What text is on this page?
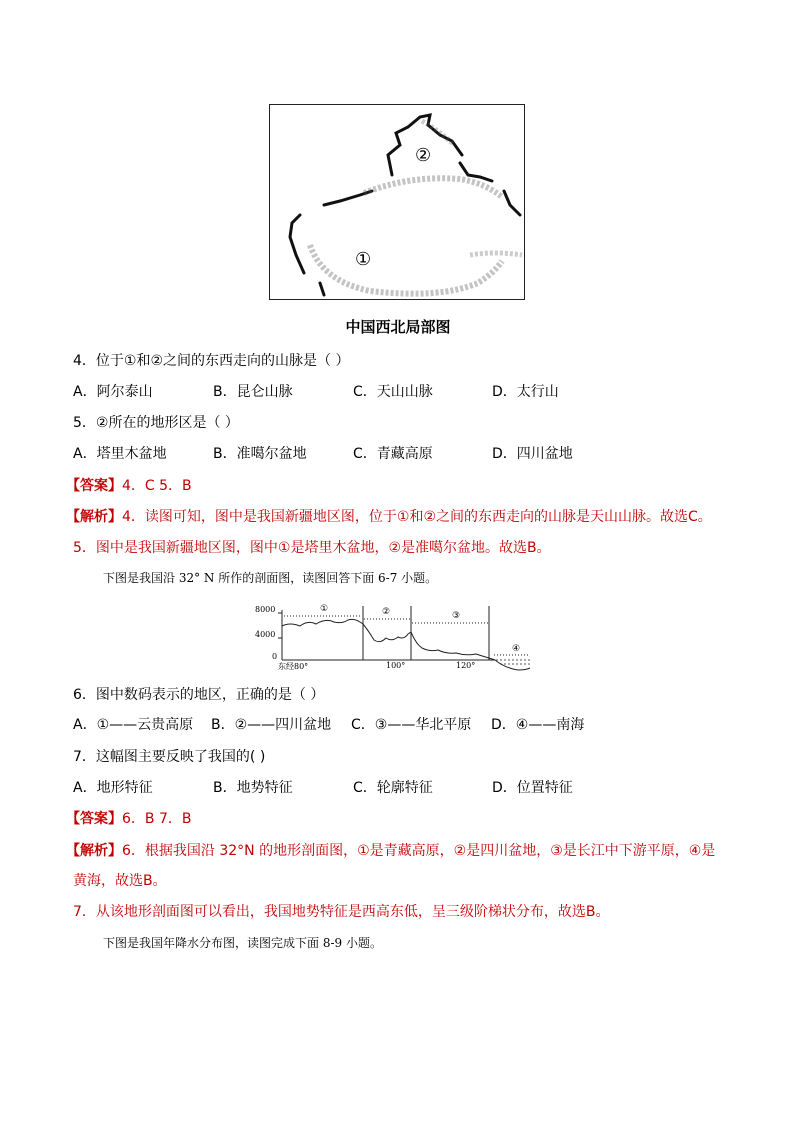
②
①
中国西北局部图
4．位于①和②之间的东西走向的山脉是（ ）
A．阿尔泰山	B．昆仑山脉	C．天山山脉	D．太行山
5．②所在的地形区是（ ）
A．塔里木盆地	B．准噶尔盆地	C．青藏高原	D．四川盆地
【答案】4．C 5．B
【解析】4．读图可知，图中是我国新疆地区图，位于①和②之间的东西走向的山脉是天山山脉。故选C。
5．图中是我国新疆地区图，图中①是塔里木盆地，②是准噶尔盆地。故选B。
下图是我国沿 32° N 所作的剖面图，读图回答下面 6-7 小题。
8000
4000
0
东经80°	100°	120°
①	②	③
④
6．图中数码表示的地区，正确的是（ ）
A．①——云贵高原 B．②——四川盆地 C．③——华北平原 D．④——南海
7．这幅图主要反映了我国的( )
A．地形特征	B．地势特征	C．轮廓特征	D．位置特征
【答案】6．B 7．B
【解析】6．根据我国沿 32°N 的地形剖面图，①是青藏高原，②是四川盆地，③是长江中下游平原，④是
黄海，故选B。
7．从该地形剖面图可以看出，我国地势特征是西高东低，呈三级阶梯状分布，故选B。
下图是我国年降水分布图，读图完成下面 8-9 小题。
